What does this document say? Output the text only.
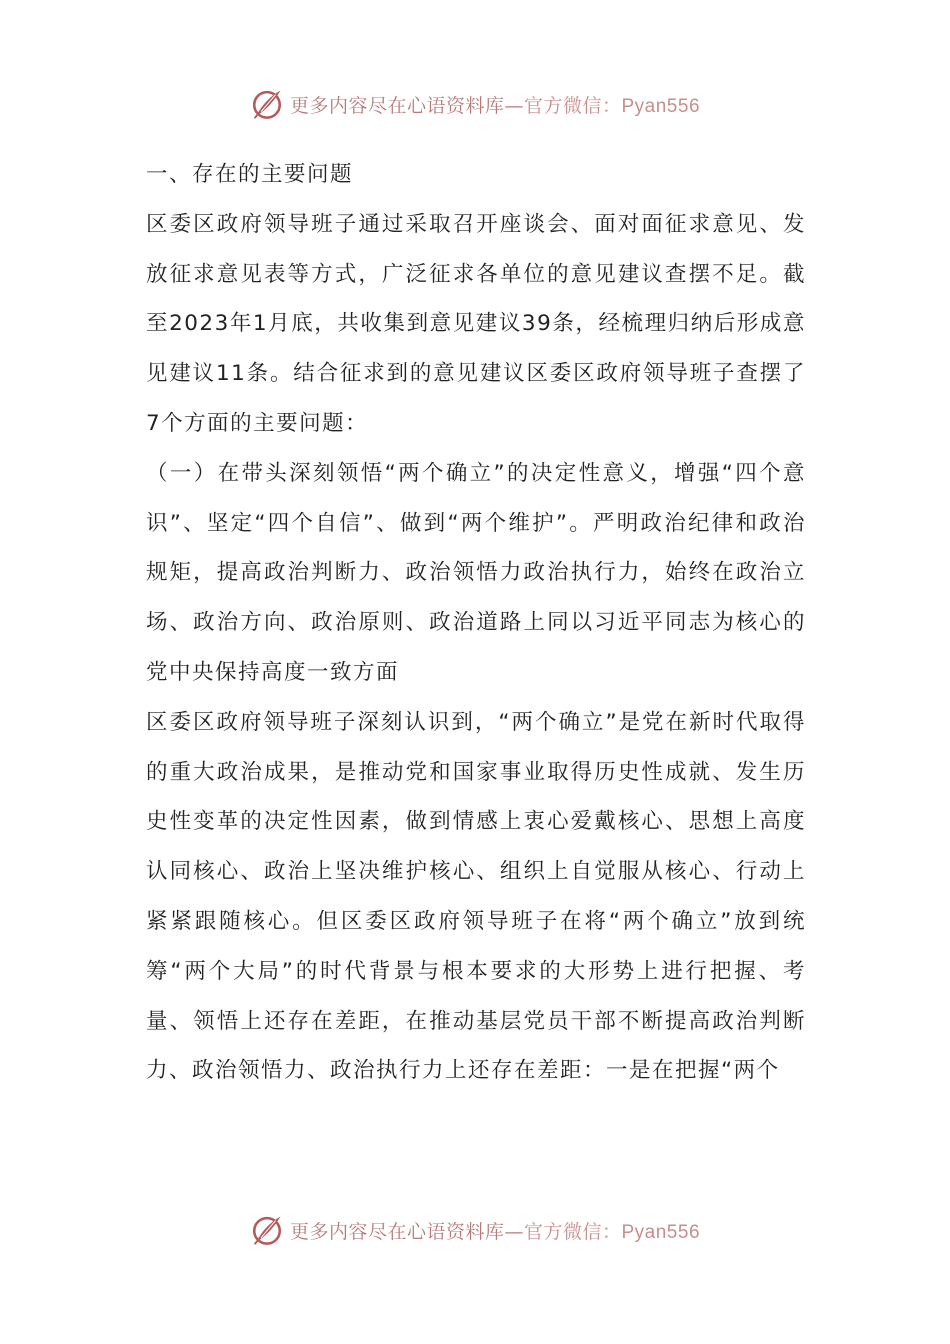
更多内容尽在心语资料库—官方微信：Pyan556

一、存在的主要问题

区委区政府领导班子通过采取召开座谈会、面对面征求意见、发放征求意见表等方式，广泛征求各单位的意见建议查摆不足。截至2023年1月底，共收集到意见建议39条，经梳理归纳后形成意见建议11条。结合征求到的意见建议区委区政府领导班子查摆了7个方面的主要问题：

（一）在带头深刻领悟“两个确立”的决定性意义，增强“四个意识”、坚定“四个自信”、做到“两个维护”。严明政治纪律和政治规矩，提高政治判断力、政治领悟力政治执行力，始终在政治立场、政治方向、政治原则、政治道路上同以习近平同志为核心的党中央保持高度一致方面

区委区政府领导班子深刻认识到，“两个确立”是党在新时代取得的重大政治成果，是推动党和国家事业取得历史性成就、发生历史性变革的决定性因素，做到情感上衷心爱戴核心、思想上高度认同核心、政治上坚决维护核心、组织上自觉服从核心、行动上紧紧跟随核心。但区委区政府领导班子在将“两个确立”放到统筹“两个大局”的时代背景与根本要求的大形势上进行把握、考量、领悟上还存在差距，在推动基层党员干部不断提高政治判断力、政治领悟力、政治执行力上还存在差距：一是在把握“两个

更多内容尽在心语资料库—官方微信：Pyan556
